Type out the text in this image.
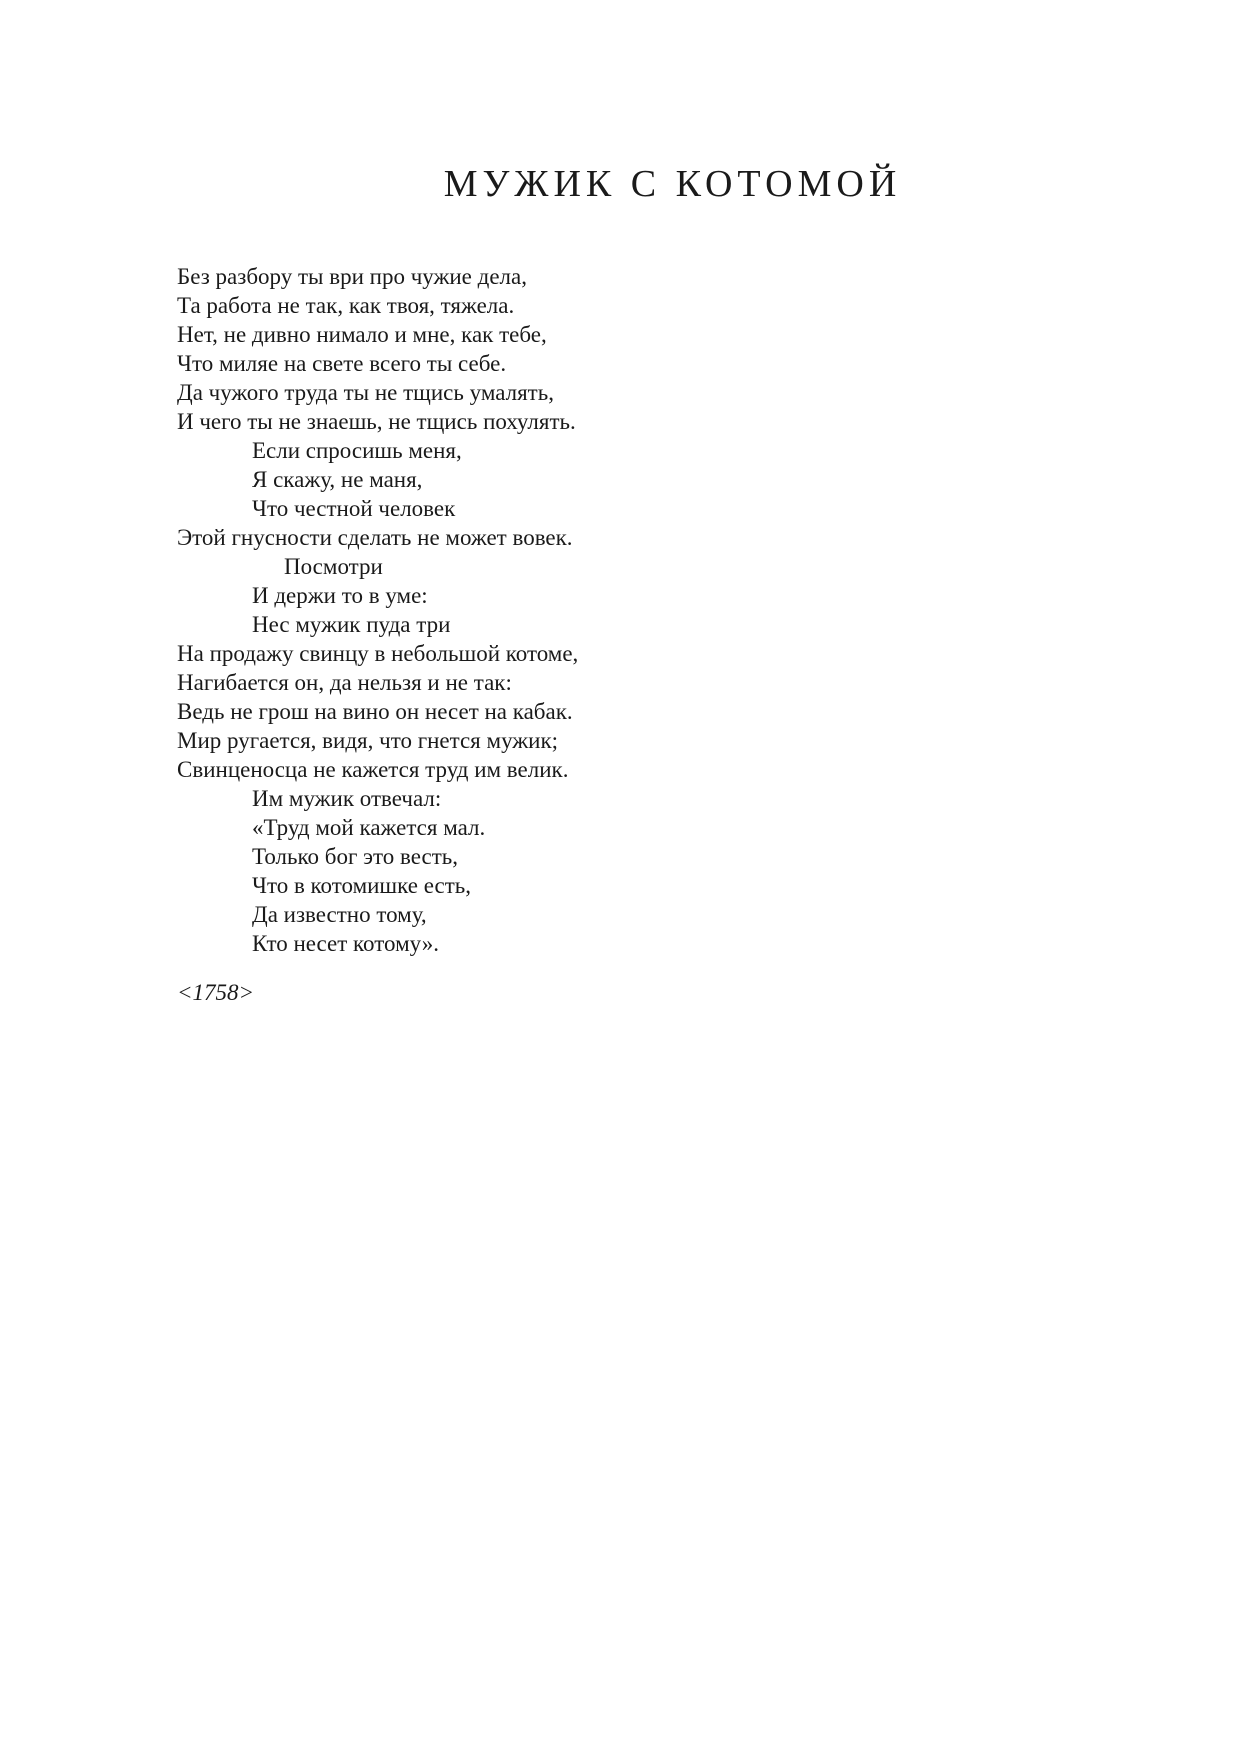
МУЖИК С КОТОМОЙ
Без разбору ты ври про чужие дела,
Та работа не так, как твоя, тяжела.
Нет, не дивно нимало и мне, как тебе,
Что миляе на свете всего ты себе.
Да чужого труда ты не тщись умалять,
И чего ты не знаешь, не тщись похулять.
Если спросишь меня,
Я скажу, не маня,
Что честной человек
Этой гнусности сделать не может вовек.
Посмотри
И держи то в уме:
Нес мужик пуда три
На продажу свинцу в небольшой котоме,
Нагибается он, да нельзя и не так:
Ведь не грош на вино он несет на кабак.
Мир ругается, видя, что гнется мужик;
Свинценосца не кажется труд им велик.
Им мужик отвечал:
«Труд мой кажется мал.
Только бог это весть,
Что в котомишке есть,
Да известно тому,
Кто несет котому».

<1758>
